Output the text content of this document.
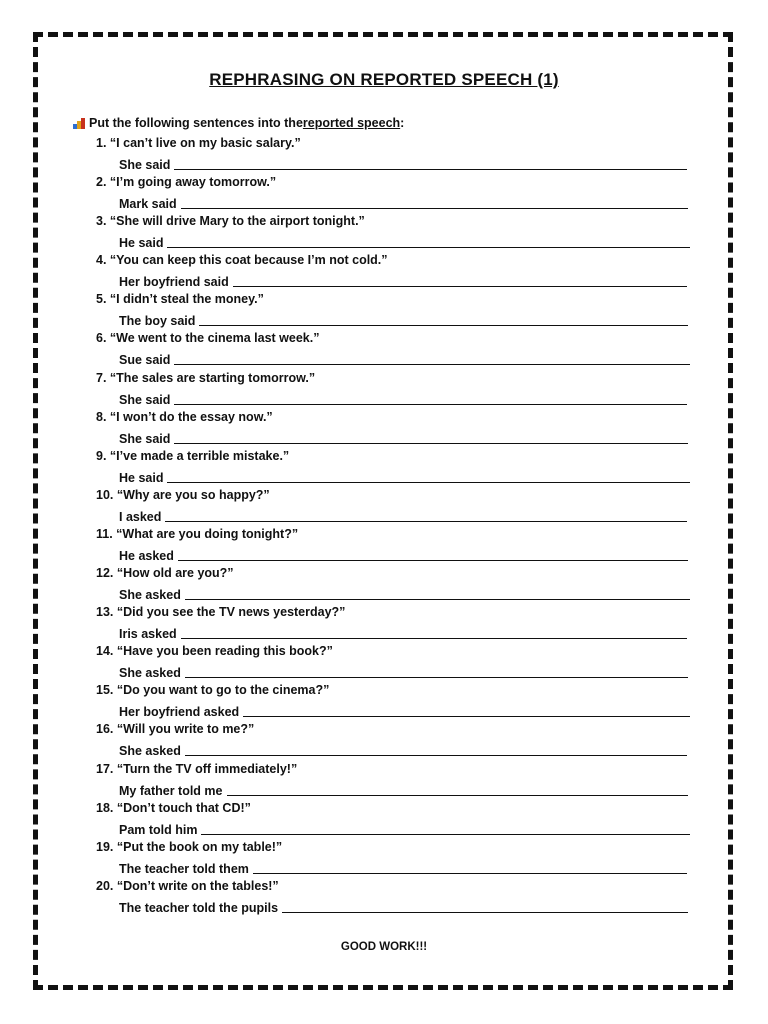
REPHRASING ON REPORTED SPEECH (1)
Put the following sentences into the reported speech :
1. “I can’t live on my basic salary.”
She said
2. “I’m going away tomorrow.”
Mark said
3. “She will drive Mary to the airport tonight.”
He said
4. “You can keep this coat because I’m not cold.”
Her boyfriend said
5. “I didn’t steal the money.”
The boy said
6. “We went to the cinema last week.”
Sue said
7. “The sales are starting tomorrow.”
She said
8. “I won’t do the essay now.”
She said
9. “I’ve made a terrible mistake.”
He said
10. “Why are you so happy?”
I asked
11. “What are you doing tonight?”
He asked
12. “How old are you?”
She asked
13. “Did you see the TV news yesterday?”
Iris asked
14. “Have you been reading this book?”
She asked
15. “Do you want to go to the cinema?”
Her boyfriend asked
16. “Will you write to me?”
She asked
17. “Turn the TV off immediately!”
My father told me
18. “Don’t touch that CD!”
Pam told him
19. “Put the book on my table!”
The teacher told them
20. “Don’t write on the tables!”
The teacher told the pupils
GOOD WORK!!!
